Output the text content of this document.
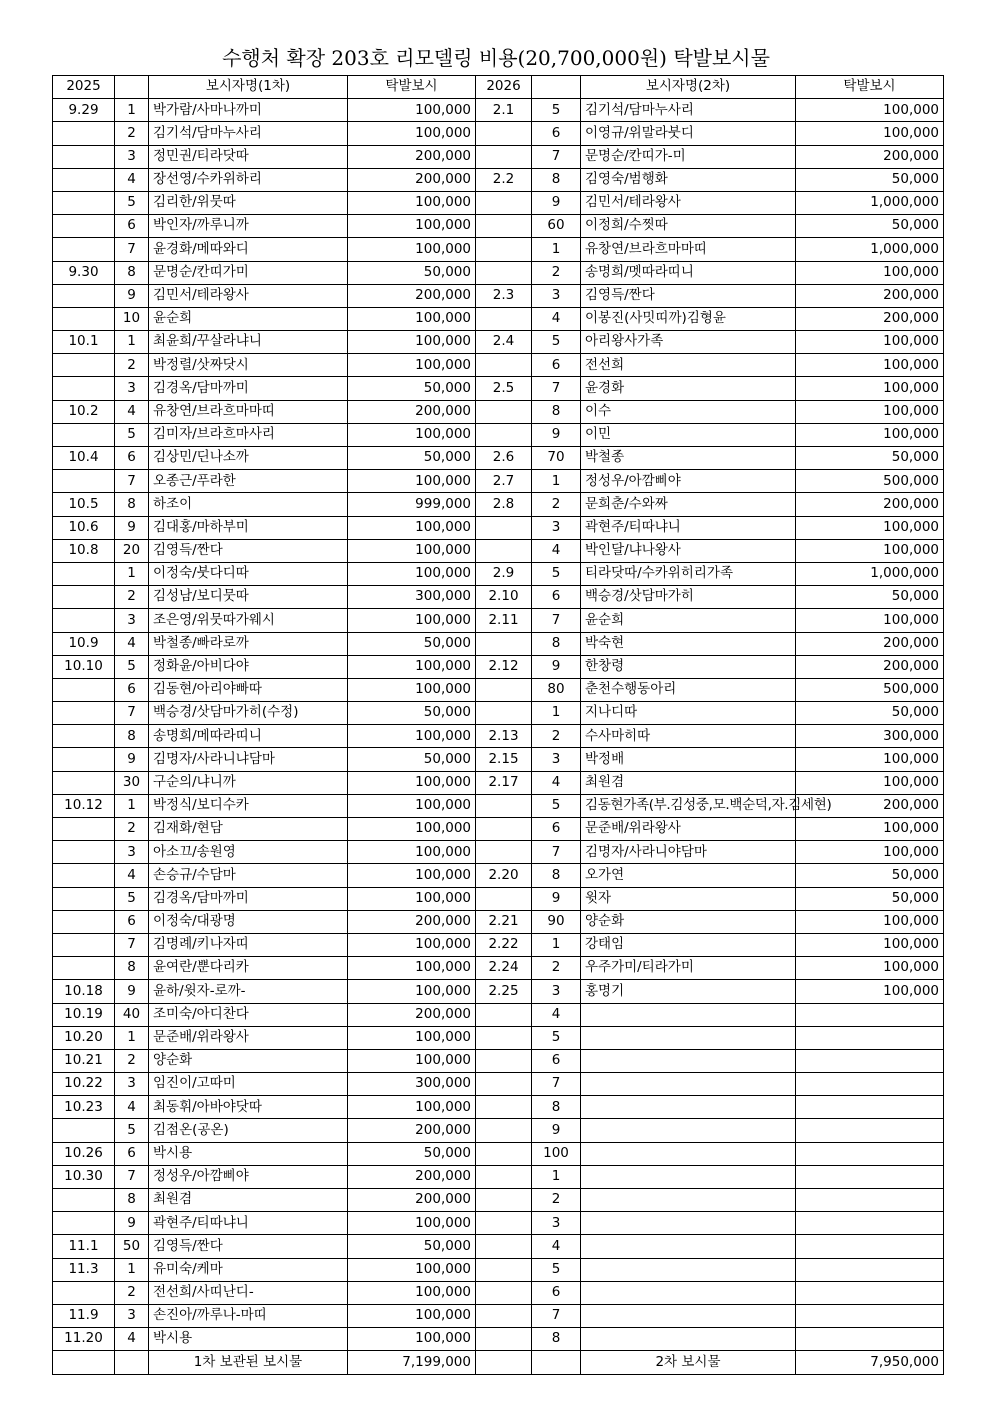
수행처 확장 203호 리모델링 비용(20,700,000원) 탁발보시물
2025		보시자명(1차)	탁발보시	2026		보시자명(2차)	탁발보시
9.29	1	박가람/사마나까미	100,000	2.1	5	김기석/담마누사리	100,000
	2	김기석/담마누사리	100,000		6	이영규/위말라붓디	100,000
	3	정민권/티라닷따	200,000		7	문명순/칸띠가-미	200,000
	4	장선영/수카위하리	200,000	2.2	8	김영숙/범행화	50,000
	5	김리한/위뭇따	100,000		9	김민서/테라왕사	1,000,000
	6	박인자/까루니까	100,000		60	이정희/수찟따	50,000
	7	윤경화/메따와디	100,000		1	유창연/브라흐마마띠	1,000,000
9.30	8	문명순/칸띠가미	50,000		2	송명희/멧따라띠니	100,000
	9	김민서/테라왕사	200,000	2.3	3	김영득/짠다	200,000
	10	윤순희	100,000		4	이봉진(사밋띠까)김형윤	200,000
10.1	1	최윤희/꾸살라냐니	100,000	2.4	5	아리왕사가족	100,000
	2	박정렬/삿짜닷시	100,000		6	전선희	100,000
	3	김경옥/담마까미	50,000	2.5	7	윤경화	100,000
10.2	4	유창연/브라흐마마띠	200,000		8	이수	100,000
	5	김미자/브라흐마사리	100,000		9	이민	100,000
10.4	6	김상민/딘나소까	50,000	2.6	70	박철종	50,000
	7	오종근/푸라한	100,000	2.7	1	정성우/아깜삐야	500,000
10.5	8	하조이	999,000	2.8	2	문희춘/수와짜	200,000
10.6	9	김대홍/마하부미	100,000		3	곽현주/티따냐니	100,000
10.8	20	김영득/짠다	100,000		4	박인달/냐나왕사	100,000
	1	이정숙/붓다디따	100,000	2.9	5	티라닷따/수카위히리가족	1,000,000
	2	김성남/보디뭇따	300,000	2.10	6	백승경/삿담마가히	50,000
	3	조은영/위뭇따가웨시	100,000	2.11	7	윤순희	100,000
10.9	4	박철종/빠라로까	50,000		8	박숙현	200,000
10.10	5	정화윤/아비다야	100,000	2.12	9	한창령	200,000
	6	김동현/아리야빠따	100,000		80	춘천수행동아리	500,000
	7	백승경/삿담마가히(수정)	50,000		1	지나디따	50,000
	8	송명희/메따라띠니	100,000	2.13	2	수사마히따	300,000
	9	김명자/사라니냐담마	50,000	2.15	3	박정배	100,000
	30	구순의/냐니까	100,000	2.17	4	최원겸	100,000
10.12	1	박정식/보디수카	100,000		5	김동현가족(부.김성중,모.백순덕,자.김세현)	200,000
	2	김재화/현담	100,000		6	문준배/위라왕사	100,000
	3	아소끄/송원영	100,000		7	김명자/사라니야담마	100,000
	4	손승규/수담마	100,000	2.20	8	오가연	50,000
	5	김경옥/담마까미	100,000		9	윗자	50,000
	6	이정숙/대광명	200,000	2.21	90	양순화	100,000
	7	김명례/키나자띠	100,000	2.22	1	강태임	100,000
	8	윤여란/뿐다리카	100,000	2.24	2	우주가미/티라가미	100,000
10.18	9	윤하/윗자-로까-	100,000	2.25	3	홍명기	100,000
10.19	40	조미숙/아디찬다	200,000		4		
10.20	1	문준배/위라왕사	100,000		5		
10.21	2	양순화	100,000		6		
10.22	3	임진이/고따미	300,000		7		
10.23	4	최동휘/아바야닷따	100,000		8		
	5	김점온(공온)	200,000		9		
10.26	6	박시용	50,000		100		
10.30	7	정성우/아깜삐야	200,000		1		
	8	최원겸	200,000		2		
	9	곽현주/티따냐니	100,000		3		
11.1	50	김영득/짠다	50,000		4		
11.3	1	유미숙/케마	100,000		5		
	2	전선희/사띠난디-	100,000		6		
11.9	3	손진아/까루나-마띠	100,000		7		
11.20	4	박시용	100,000		8		
		1차 보관된 보시물	7,199,000			2차 보시물	7,950,000
